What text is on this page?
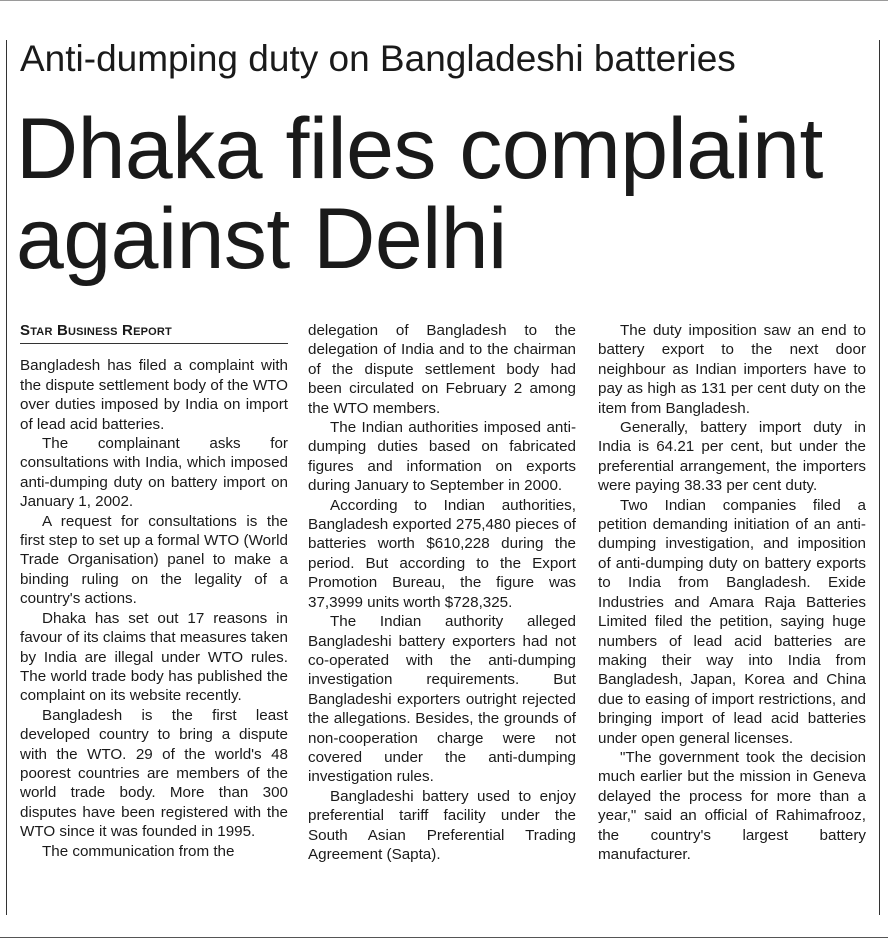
Anti-dumping duty on Bangladeshi batteries
Dhaka files complaint
against Delhi
Star Business Report

Bangladesh has filed a complaint with the dispute settlement body of the WTO over duties imposed by India on import of lead acid batteries.

The complainant asks for consultations with India, which imposed anti-dumping duty on battery import on January 1, 2002.

A request for consultations is the first step to set up a formal WTO (World Trade Organisation) panel to make a binding ruling on the legality of a country's actions.

Dhaka has set out 17 reasons in favour of its claims that measures taken by India are illegal under WTO rules. The world trade body has published the complaint on its website recently.

Bangladesh is the first least developed country to bring a dispute with the WTO. 29 of the world's 48 poorest countries are members of the world trade body. More than 300 disputes have been registered with the WTO since it was founded in 1995.

The communication from the

delegation of Bangladesh to the delegation of India and to the chairman of the dispute settlement body had been circulated on February 2 among the WTO members.

The Indian authorities imposed anti-dumping duties based on fabricated figures and information on exports during January to September in 2000.

According to Indian authorities, Bangladesh exported 275,480 pieces of batteries worth $610,228 during the period. But according to the Export Promotion Bureau, the figure was 37,3999 units worth $728,325.

The Indian authority alleged Bangladeshi battery exporters had not co-operated with the anti-dumping investigation requirements. But Bangladeshi exporters outright rejected the allegations. Besides, the grounds of non-cooperation charge were not covered under the anti-dumping investigation rules.

Bangladeshi battery used to enjoy preferential tariff facility under the South Asian Preferential Trading Agreement (Sapta).

The duty imposition saw an end to battery export to the next door neighbour as Indian importers have to pay as high as 131 per cent duty on the item from Bangladesh.

Generally, battery import duty in India is 64.21 per cent, but under the preferential arrangement, the importers were paying 38.33 per cent duty.

Two Indian companies filed a petition demanding initiation of an anti-dumping investigation, and imposition of anti-dumping duty on battery exports to India from Bangladesh. Exide Industries and Amara Raja Batteries Limited filed the petition, saying huge numbers of lead acid batteries are making their way into India from Bangladesh, Japan, Korea and China due to easing of import restrictions, and bringing import of lead acid batteries under open general licenses.

"The government took the decision much earlier but the mission in Geneva delayed the process for more than a year," said an official of Rahimafrooz, the country's largest battery manufacturer.
